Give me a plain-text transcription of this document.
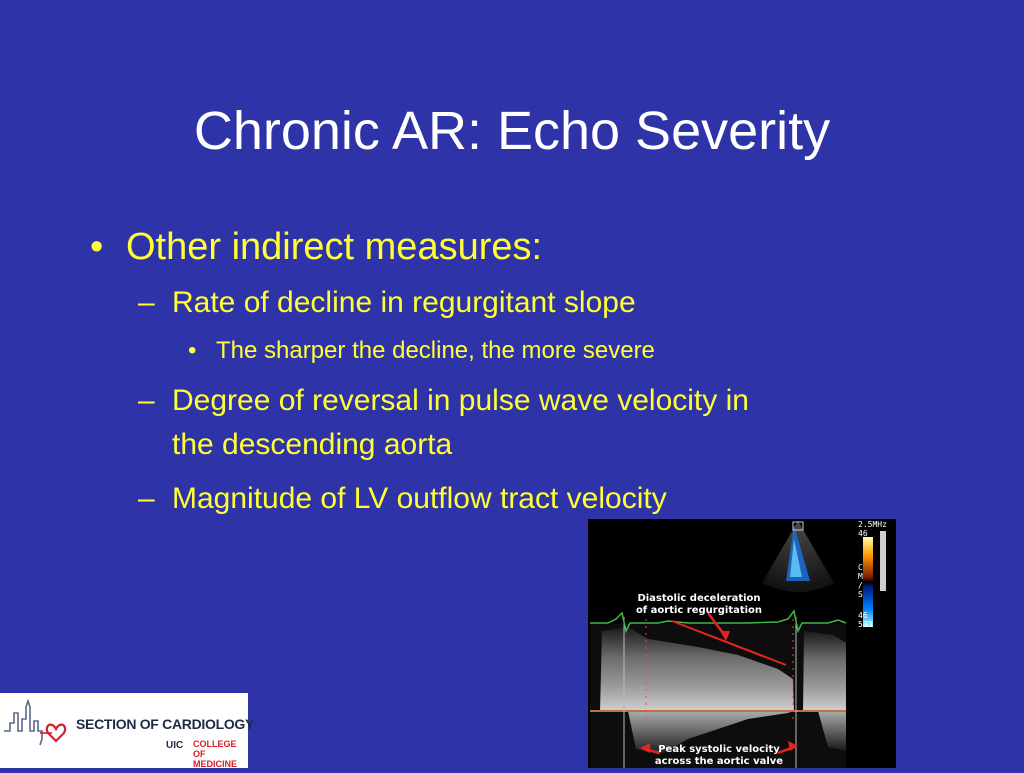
Chronic AR: Echo Severity
• Other indirect measures:
– Rate of decline in regurgitant slope
• The sharper the decline, the more severe
– Degree of reversal in pulse wave velocity in
the descending aorta
– Magnitude of LV outflow tract velocity
Diastolic deceleration
of aortic regurgitation
Peak systolic velocity
across the aortic valve
2.5MHz
46
C
M
/
S
46
533
SECTION OF CARDIOLOGY
UIC COLLEGE OF
MEDICINE
